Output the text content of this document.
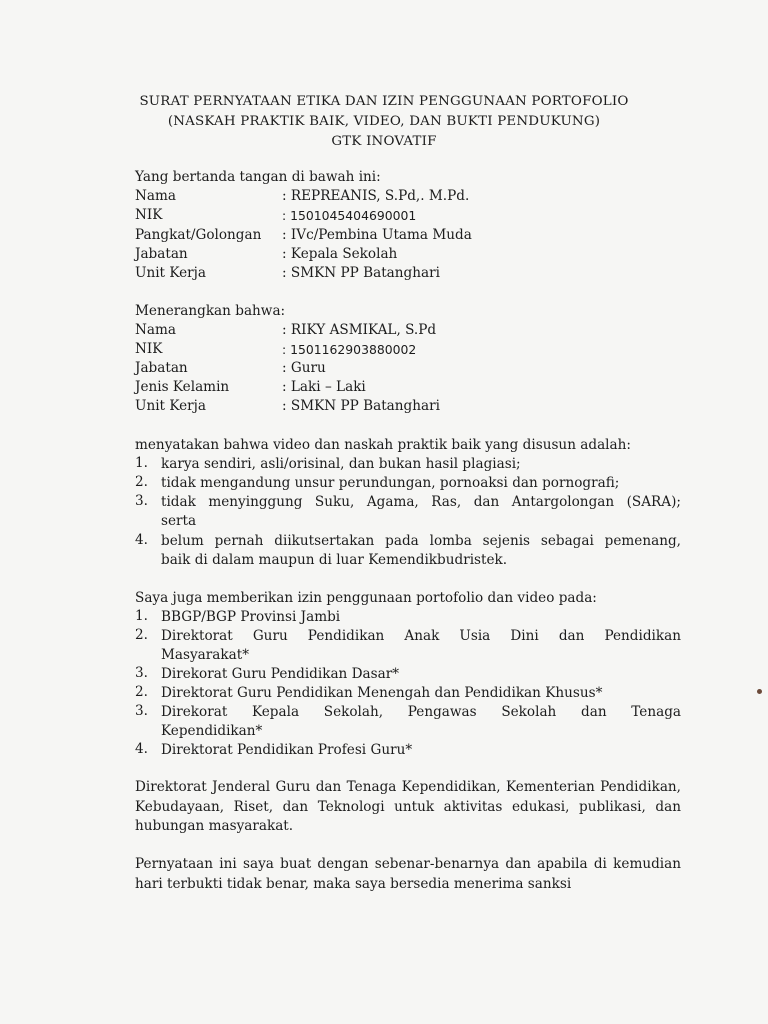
SURAT PERNYATAAN ETIKA DAN IZIN PENGGUNAAN PORTOFOLIO
(NASKAH PRAKTIK BAIK, VIDEO, DAN BUKTI PENDUKUNG)
GTK INOVATIF
Yang bertanda tangan di bawah ini:
Nama	: REPREANIS, S.Pd,. M.Pd.
NIK	: 1501045404690001
Pangkat/Golongan : IVc/Pembina Utama Muda
Jabatan	: Kepala Sekolah
Unit Kerja	: SMKN PP Batanghari
Menerangkan bahwa:
Nama	: RIKY ASMIKAL, S.Pd
NIK	: 1501162903880002
Jabatan	: Guru
Jenis Kelamin	: Laki – Laki
Unit Kerja	: SMKN PP Batanghari
menyatakan bahwa video dan naskah praktik baik yang disusun adalah:
1. karya sendiri, asli/orisinal, dan bukan hasil plagiasi;
2. tidak mengandung unsur perundungan, pornoaksi dan pornografi;
3. tidak menyinggung Suku, Agama, Ras, dan Antargolongan (SARA);
serta
4. belum pernah diikutsertakan pada lomba sejenis sebagai pemenang,
baik di dalam maupun di luar Kemendikbudristek.
Saya juga memberikan izin penggunaan portofolio dan video pada:
1. BBGP/BGP Provinsi Jambi
2. Direktorat Guru Pendidikan Anak Usia Dini dan Pendidikan
Masyarakat*
3. Direkorat Guru Pendidikan Dasar*
2. Direktorat Guru Pendidikan Menengah dan Pendidikan Khusus*
3. Direkorat Kepala Sekolah, Pengawas Sekolah dan Tenaga
Kependidikan*
4. Direktorat Pendidikan Profesi Guru*
Direktorat Jenderal Guru dan Tenaga Kependidikan, Kementerian Pendidikan, Kebudayaan, Riset, dan Teknologi untuk aktivitas edukasi, publikasi, dan hubungan masyarakat.
Pernyataan ini saya buat dengan sebenar-benarnya dan apabila di kemudian hari terbukti tidak benar, maka saya bersedia menerima sanksi
